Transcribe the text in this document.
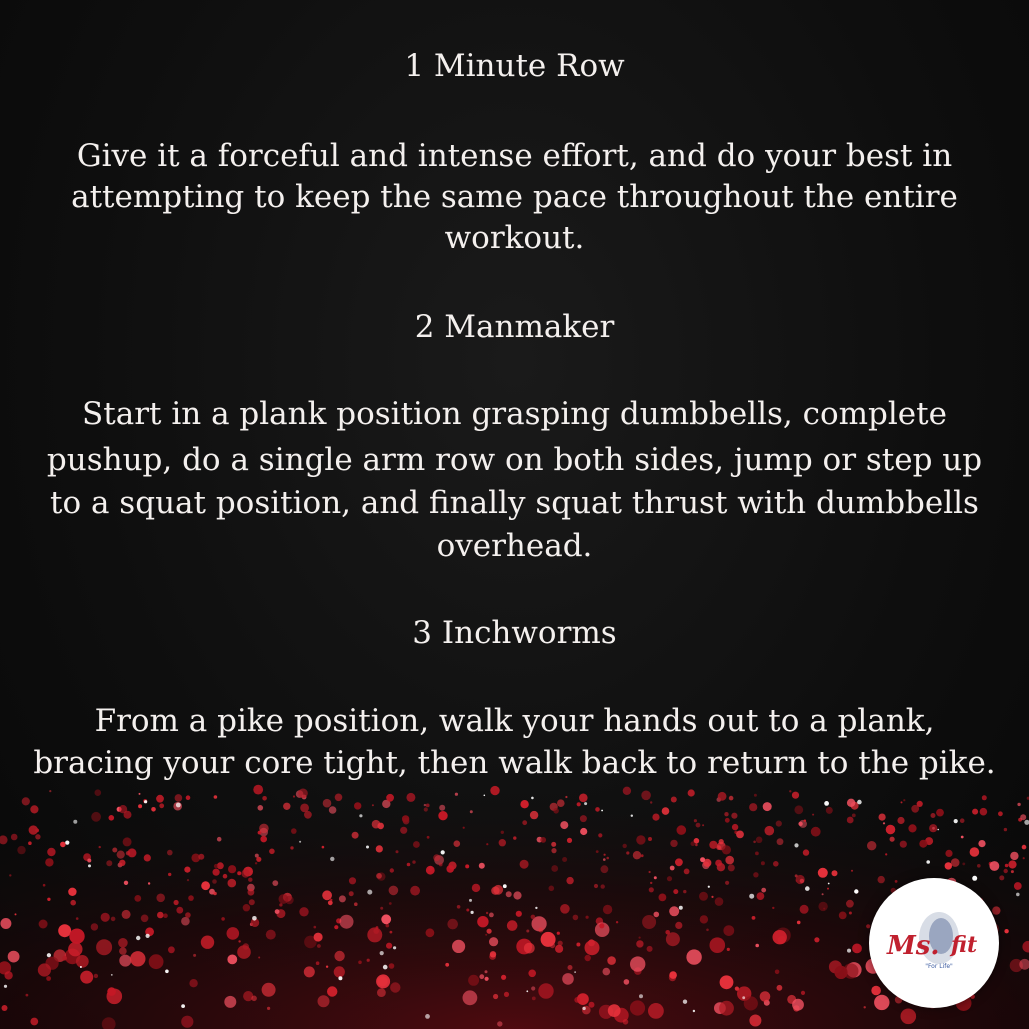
1 Minute Row
Give it a forceful and intense effort, and do your best in
attempting to keep the same pace throughout the entire
workout.
2 Manmaker
Start in a plank position grasping dumbbells, complete
pushup, do a single arm row on both sides, jump or step up
to a squat position, and finally squat thrust with dumbbells
overhead.
3 Inchworms
From a pike position, walk your hands out to a plank,
bracing your core tight, then walk back to return to the pike.
Ms. fit
"For Life"
